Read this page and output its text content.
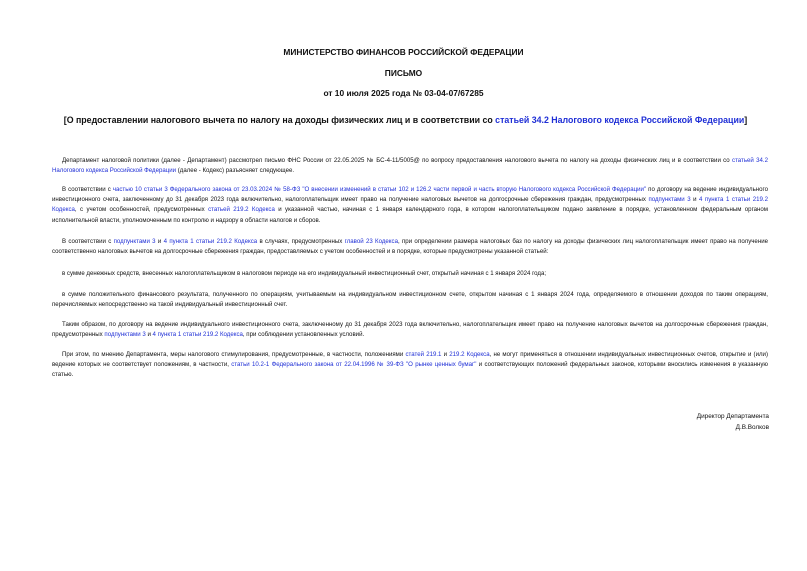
МИНИСТЕРСТВО ФИНАНСОВ РОССИЙСКОЙ ФЕДЕРАЦИИ
ПИСЬМО
от 10 июля 2025 года № 03-04-07/67285
[О предоставлении налогового вычета по налогу на доходы физических лиц и в соответствии со статьей 34.2 Налогового кодекса Российской Федерации]

Департамент налоговой политики (далее - Департамент) рассмотрел письмо ФНС России от 22.05.2025 № БС-4-11/5005@ по вопросу предоставления налогового вычета по налогу на доходы физических лиц и в соответствии со статьей 34.2 Налогового кодекса Российской Федерации (далее - Кодекс) разъясняет следующее.

В соответствии с частью 10 статьи 3 Федерального закона от 23.03.2024 № 58-ФЗ "О внесении изменений в статьи 102 и 126.2 части первой и часть вторую Налогового кодекса Российской Федерации" по договору на ведение индивидуального инвестиционного счета, заключенному до 31 декабря 2023 года включительно, налогоплательщик имеет право на получение налоговых вычетов на долгосрочные сбережения граждан, предусмотренных подпунктами 3 и 4 пункта 1 статьи 219.2 Кодекса, с учетом особенностей, предусмотренных статьей 219.2 Кодекса и указанной частью, начиная с 1 января календарного года, в котором налогоплательщиком подано заявление в порядке, установленном федеральным органом исполнительной власти, уполномоченным по контролю и надзору в области налогов и сборов.

В соответствии с подпунктами 3 и 4 пункта 1 статьи 219.2 Кодекса в случаях, предусмотренных главой 23 Кодекса, при определении размера налоговых баз по налогу на доходы физических лиц налогоплательщик имеет право на получение соответственно налоговых вычетов на долгосрочные сбережения граждан, предоставляемых с учетом особенностей и в порядке, которые предусмотрены указанной статьей:

в сумме денежных средств, внесенных налогоплательщиком в налоговом периоде на его индивидуальный инвестиционный счет, открытый начиная с 1 января 2024 года;

в сумме положительного финансового результата, полученного по операциям, учитываемым на индивидуальном инвестиционном счете, открытом начиная с 1 января 2024 года, определяемого в отношении доходов по таким операциям, перечисляемых непосредственно на такой индивидуальный инвестиционный счет.

Таким образом, по договору на ведение индивидуального инвестиционного счета, заключенному до 31 декабря 2023 года включительно, налогоплательщик имеет право на получение налоговых вычетов на долгосрочные сбережения граждан, предусмотренных подпунктами 3 и 4 пункта 1 статьи 219.2 Кодекса, при соблюдении установленных условий.

При этом, по мнению Департамента, меры налогового стимулирования, предусмотренные, в частности, положениями статей 219.1 и 219.2 Кодекса, не могут применяться в отношении индивидуальных инвестиционных счетов, открытие и (или) ведение которых не соответствует положениям, в частности, статьи 10.2-1 Федерального закона от 22.04.1996 № 39-ФЗ "О рынке ценных бумаг" и соответствующих положений федеральных законов, которыми вносились изменения в указанную статью.

Директор Департамента
Д.В.Волков
